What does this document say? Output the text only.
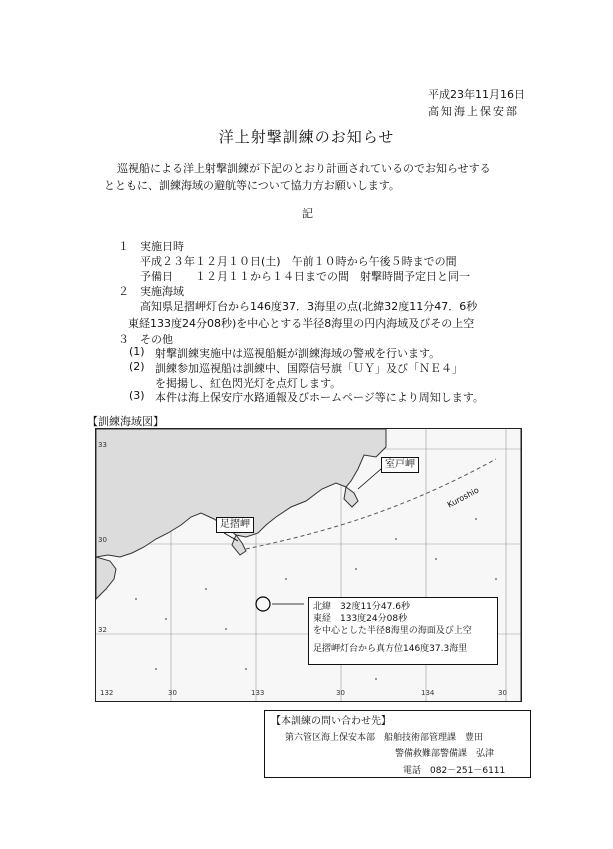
平成23年11月16日
高知海上保安部
洋上射撃訓練のお知らせ
巡視船による洋上射撃訓練が下記のとおり計画されているのでお知らせする
とともに、訓練海域の避航等について協力方お願いします。
記
１ 実施日時
平成２３年１２月１０日(土)　午前１０時から午後５時までの間
予備日　　１２月１１から１４日までの間　射撃時間予定日と同一
２ 実施海域
高知県足摺岬灯台から146度37．3海里の点(北緯32度11分47．6秒
東経133度24分08秒)を中心とする半径8海里の円内海域及びその上空
３ その他
(1) 射撃訓練実施中は巡視船艇が訓練海域の警戒を行います。
(2) 訓練参加巡視船は訓練中、国際信号旗「ＵＹ」及び「ＮＥ４」
を掲揚し、紅色閃光灯を点灯します。
(3) 本件は海上保安庁水路通報及びホームページ等により周知します。
【訓練海域図】
室戸岬
足摺岬
Kuroshio
北緯　32度11分47.6秒
東経　133度24分08秒
を中心とした半径8海里の海面及び上空
足摺岬灯台から真方位146度37.3海里
132	30	133	30	134	30
33
30
32
【本訓練の問い合わせ先】
第六管区海上保安本部　船舶技術部管理課　豊田
警備救難部警備課　弘津
電話　082－251－6111
